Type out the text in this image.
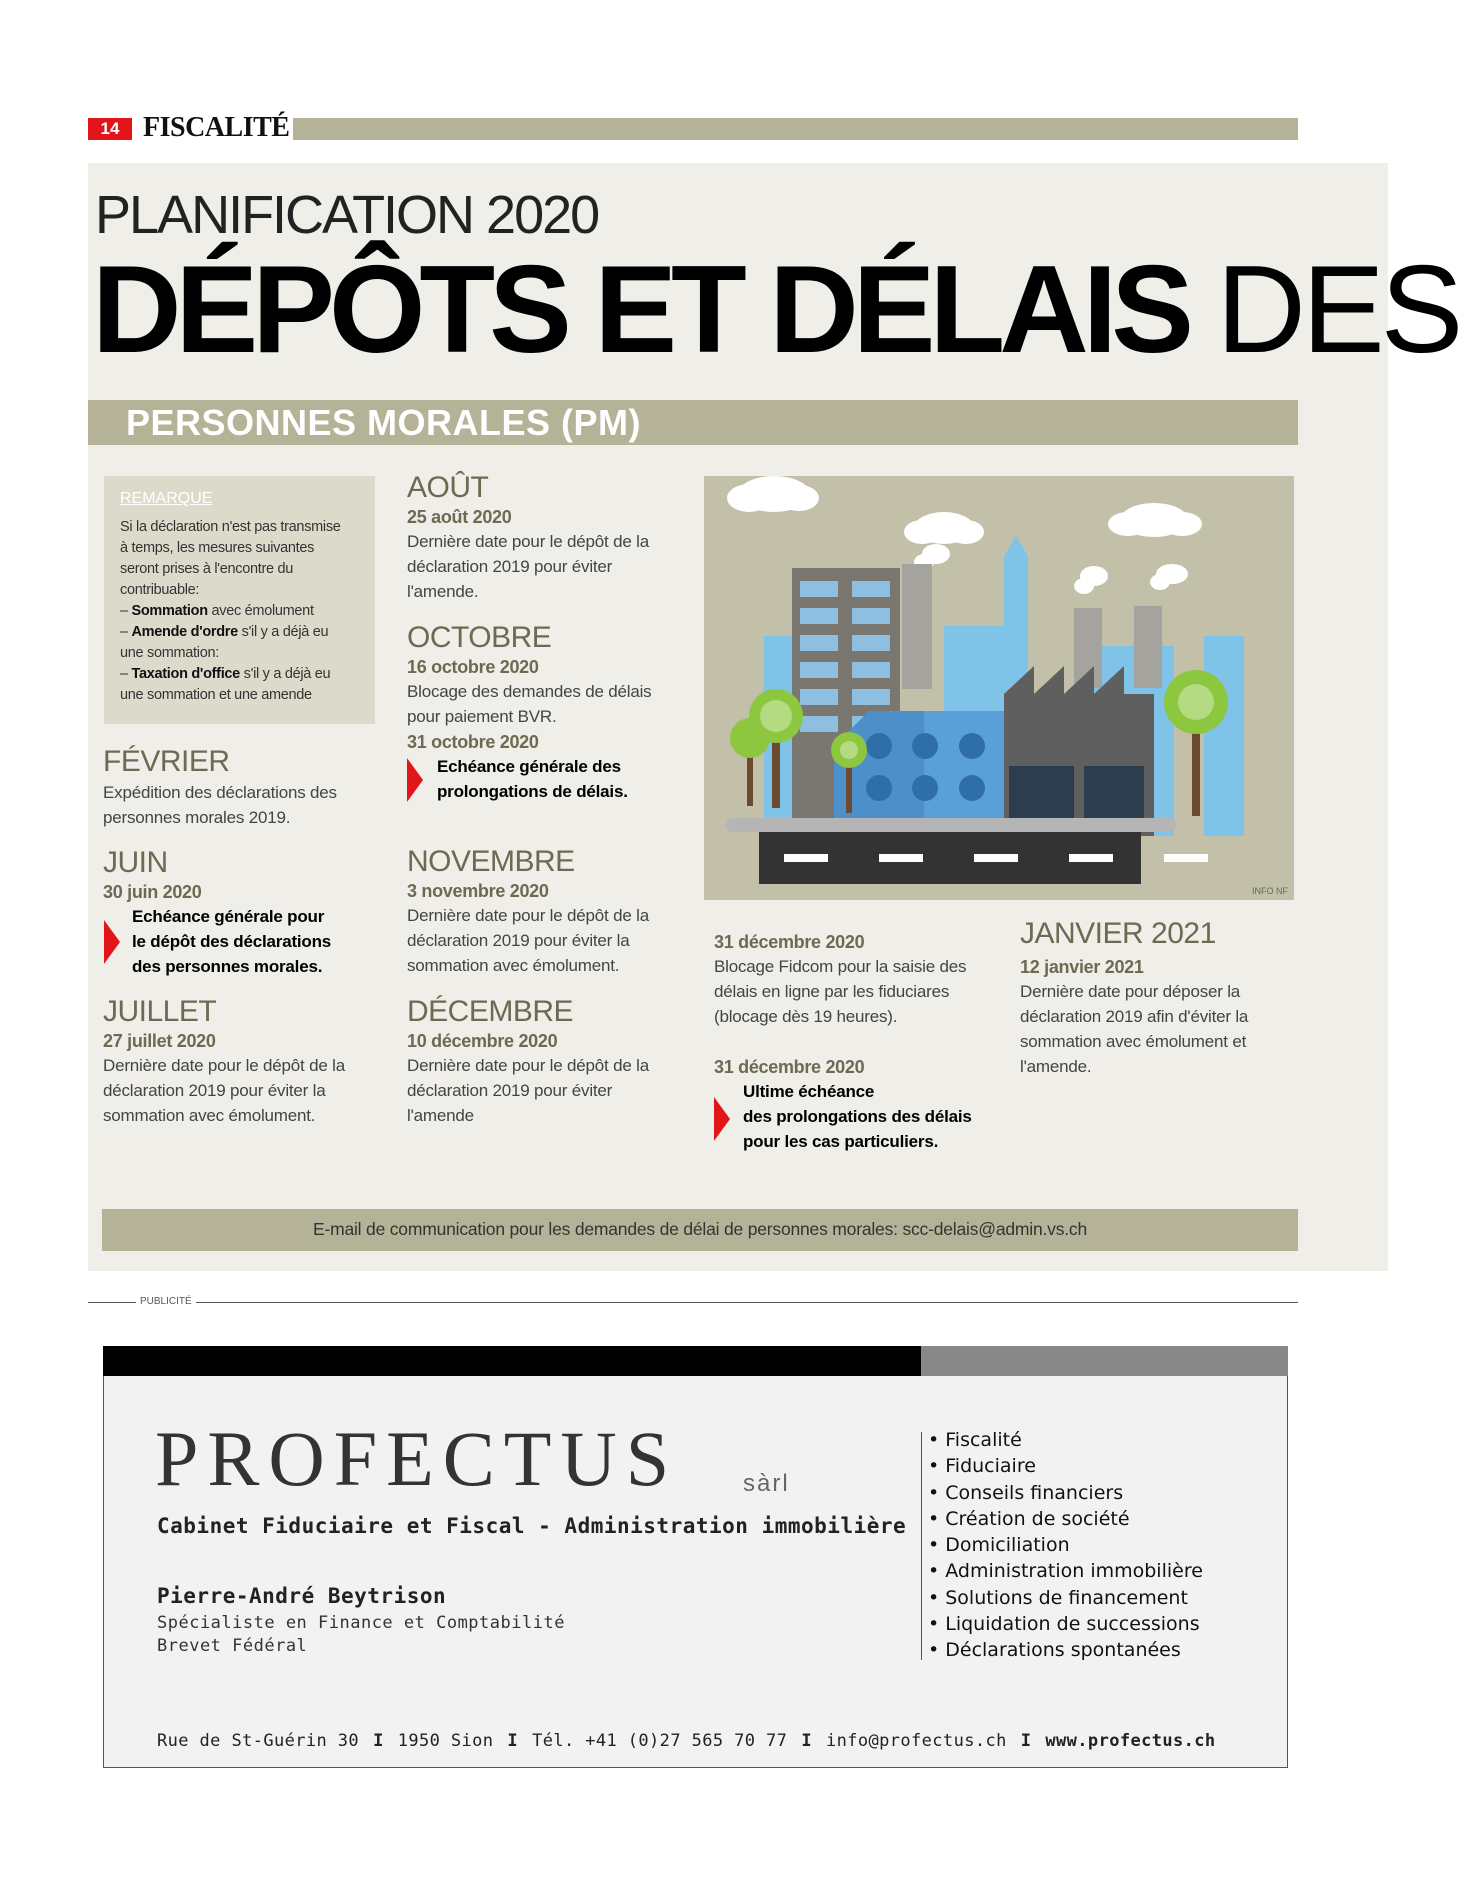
14 FISCALITÉ
PLANIFICATION 2020
DÉPÔTS ET DÉLAIS DES
PERSONNES MORALES (PM)
REMARQUE
Si la déclaration n'est pas transmise
à temps, les mesures suivantes
seront prises à l'encontre du
contribuable:
– Sommation avec émolument
– Amende d'ordre s'il y a déjà eu
une sommation:
– Taxation d'office s'il y a déjà eu
une sommation et une amende
FÉVRIER
Expédition des déclarations des
personnes morales 2019.
JUIN
30 juin 2020
Echéance générale pour
le dépôt des déclarations
des personnes morales.
JUILLET
27 juillet 2020
Dernière date pour le dépôt de la
déclaration 2019 pour éviter la
sommation avec émolument.
AOÛT
25 août 2020
Dernière date pour le dépôt de la
déclaration 2019 pour éviter
l'amende.
OCTOBRE
16 octobre 2020
Blocage des demandes de délais
pour paiement BVR.
31 octobre 2020
Echéance générale des
prolongations de délais.
NOVEMBRE
3 novembre 2020
Dernière date pour le dépôt de la
déclaration 2019 pour éviter la
sommation avec émolument.
DÉCEMBRE
10 décembre 2020
Dernière date pour le dépôt de la
déclaration 2019 pour éviter
l'amende
INFO NF
31 décembre 2020
Blocage Fidcom pour la saisie des
délais en ligne par les fiduciares
(blocage dès 19 heures).
31 décembre 2020
Ultime échéance
des prolongations des délais
pour les cas particuliers.
JANVIER 2021
12 janvier 2021
Dernière date pour déposer la
déclaration 2019 afin d'éviter la
sommation avec émolument et
l'amende.
E-mail de communication pour les demandes de délai de personnes morales: scc-delais@admin.vs.ch
PUBLICITÉ
PROFECTUS	sàrl
Cabinet Fiduciaire et Fiscal - Administration immobilière
Pierre-André Beytrison
Spécialiste en Finance et Comptabilité
Brevet Fédéral
• Fiscalité
• Fiduciaire
• Conseils financiers
• Création de société
• Domiciliation
• Administration immobilière
• Solutions de financement
• Liquidation de successions
• Déclarations spontanées
Rue de St-Guérin 30 I 1950 Sion I Tél. +41 (0)27 565 70 77 I info@profectus.ch I www.profectus.ch
